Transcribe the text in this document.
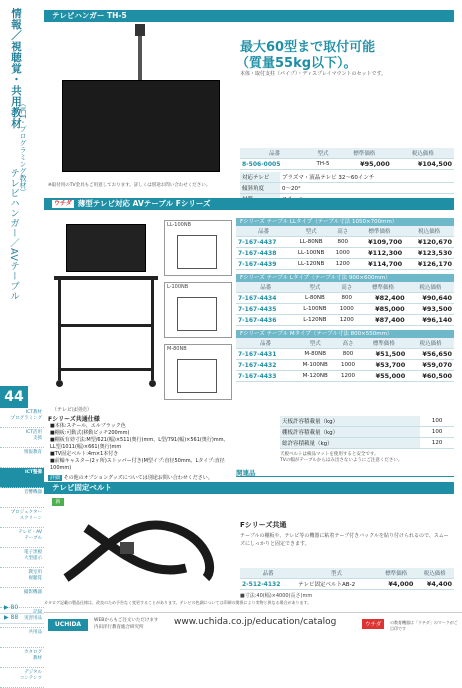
情報／視聴覚・共用教材
（ICT・プログラミング教材）
テレビハンガー／AVテーブル
44
ICT教材
プログラミング
ICT活用
支援
情報教育
ICT整備
音響機器
プロジェクター
スクリーン
テレビ・AV
テーブル
電子黒板
大型提示
教室用
視聴覚
撮影機器
記録
実習用品
共用品
カタログ
教材
デジタル
コンテンツ
▶ 80
▶ 88
テレビハンガー TH-5
※取付用のTV金具もご用意しております。詳しくは別途お問い合わせください。
最大60型まで取付可能
（質量55kg以下）。
本体・取付支柱（パイプ）・ディスプレイマウントのセットです。
品番	型式	標準価格	税込価格
8-506-0005	TH-5	¥95,000	¥104,500
対応テレビ	プラズマ・液晶テレビ 32～60インチ
傾斜角度	0～20°

ウチダ 薄型テレビ対応 AVテーブル Fシリーズ
（テレビは別売）
LL-100NB
L-100NB
M-80NB
Fシリーズ テーブル LLタイプ（テーブル寸法 1050×700mm）
品番	型式	高さ	標準価格	税込価格
7-167-4437	LL-80NB	800	¥109,700	¥120,670
7-167-4438	LL-100NB	1000	¥112,300	¥123,530
7-167-4439	LL-120NB	1200	¥114,700	¥126,170
Fシリーズ テーブル Lタイプ（テーブル寸法 900×600mm）
品番	型式	高さ	標準価格	税込価格
7-167-4434	L-80NB	800	¥82,400	¥90,640
7-167-4435	L-100NB	1000	¥85,000	¥93,500
7-167-4436	L-120NB	1200	¥87,400	¥96,140
Fシリーズ テーブル Mタイプ（テーブル寸法 800×550mm）
品番	型式	高さ	標準価格	税込価格
7-167-4431	M-80NB	800	¥51,500	¥56,650
7-167-4432	M-100NB	1000	¥53,700	¥59,070
7-167-4433	M-120NB	1200	¥55,000	¥60,500
Fシリーズ共通仕様
■本体:スチール、エルブラック色
■棚板:可動式(移動ピッチ200mm)
■棚板有効寸法:M型/621(幅)×511(奥行)mm、L型/791(幅)×561(奥行)mm、
LL型/1011(幅)×661(奥行)mm
■TV固定ベルト:4m×1本付き
■前輪キャスター(2ヶ所)ストッパー付き(M型イプ:直径50mm、Lタイプ:直径
100mm)
詳細 その他のオプショングッズについては別途お問い合わせください。
天板許容積載量（kg）	100
棚板許容積載量（kg）	100
総許容積載量（kg）	120
天板ベルトは検品マットを使用すると安全です。
TVの幅がテーブルからはみ出さないようにご注意ください。
関連品
テレビ固定ベルト
新
Fシリーズ共通
テーブルの棚板や、テレビ等の機器に粘着テープ付きバックルを貼り付けられるので、スムーズにしっかりと固定できます。
品番	型式	標準価格	税込価格
2-512-4132	テレビ固定ベルトAB-2	¥4,000	¥4,400
■寸法:40(幅)×4000(長さ)mm
カタログ記載の製品仕様は、改良のため予告なく変更することがあります。テレビの色調については印刷の関係により実物と異なる場合があります。
UCHIDA
WEBからもご注文いただけます
内田洋行教育総合研究所
www.uchida.co.jp/education/catalog	ウチダ	の教育機器は「ウチダ」のマークがご目印です
